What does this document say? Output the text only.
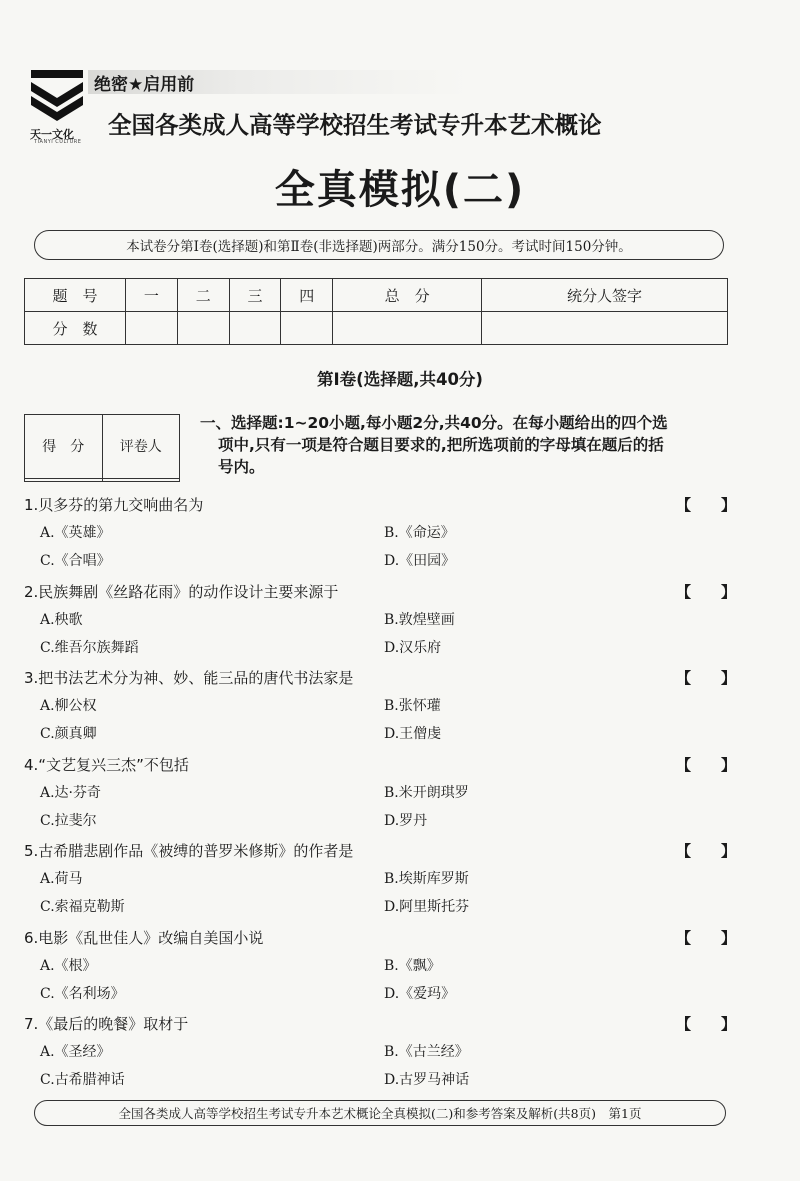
天一文化
TIANYI CULTURE
绝密★启用前
全国各类成人高等学校招生考试专升本艺术概论
全真模拟(二)
本试卷分第Ⅰ卷(选择题)和第Ⅱ卷(非选择题)两部分。满分150分。考试时间150分钟。
题　号	一	二	三	四	总　分	统分人签字
分　数						
第Ⅰ卷(选择题,共40分)
得　分	评卷人

一、选择题:1~20小题,每小题2分,共40分。在每小题给出的四个选
项中,只有一项是符合题目要求的,把所选项前的字母填在题后的括
号内。
1.贝多芬的第九交响曲名为	【　　】
A.《英雄》	B.《命运》
C.《合唱》	D.《田园》
2.民族舞剧《丝路花雨》的动作设计主要来源于	【　　】
A.秧歌	B.敦煌壁画
C.维吾尔族舞蹈	D.汉乐府
3.把书法艺术分为神、妙、能三品的唐代书法家是	【　　】
A.柳公权	B.张怀瓘
C.颜真卿	D.王僧虔
4.“文艺复兴三杰”不包括	【　　】
A.达·芬奇	B.米开朗琪罗
C.拉斐尔	D.罗丹
5.古希腊悲剧作品《被缚的普罗米修斯》的作者是	【　　】
A.荷马	B.埃斯库罗斯
C.索福克勒斯	D.阿里斯托芬
6.电影《乱世佳人》改编自美国小说	【　　】
A.《根》	B.《飘》
C.《名利场》	D.《爱玛》
7.《最后的晚餐》取材于	【　　】
A.《圣经》	B.《古兰经》
C.古希腊神话	D.古罗马神话
全国各类成人高等学校招生考试专升本艺术概论全真模拟(二)和参考答案及解析(共8页)　第1页
